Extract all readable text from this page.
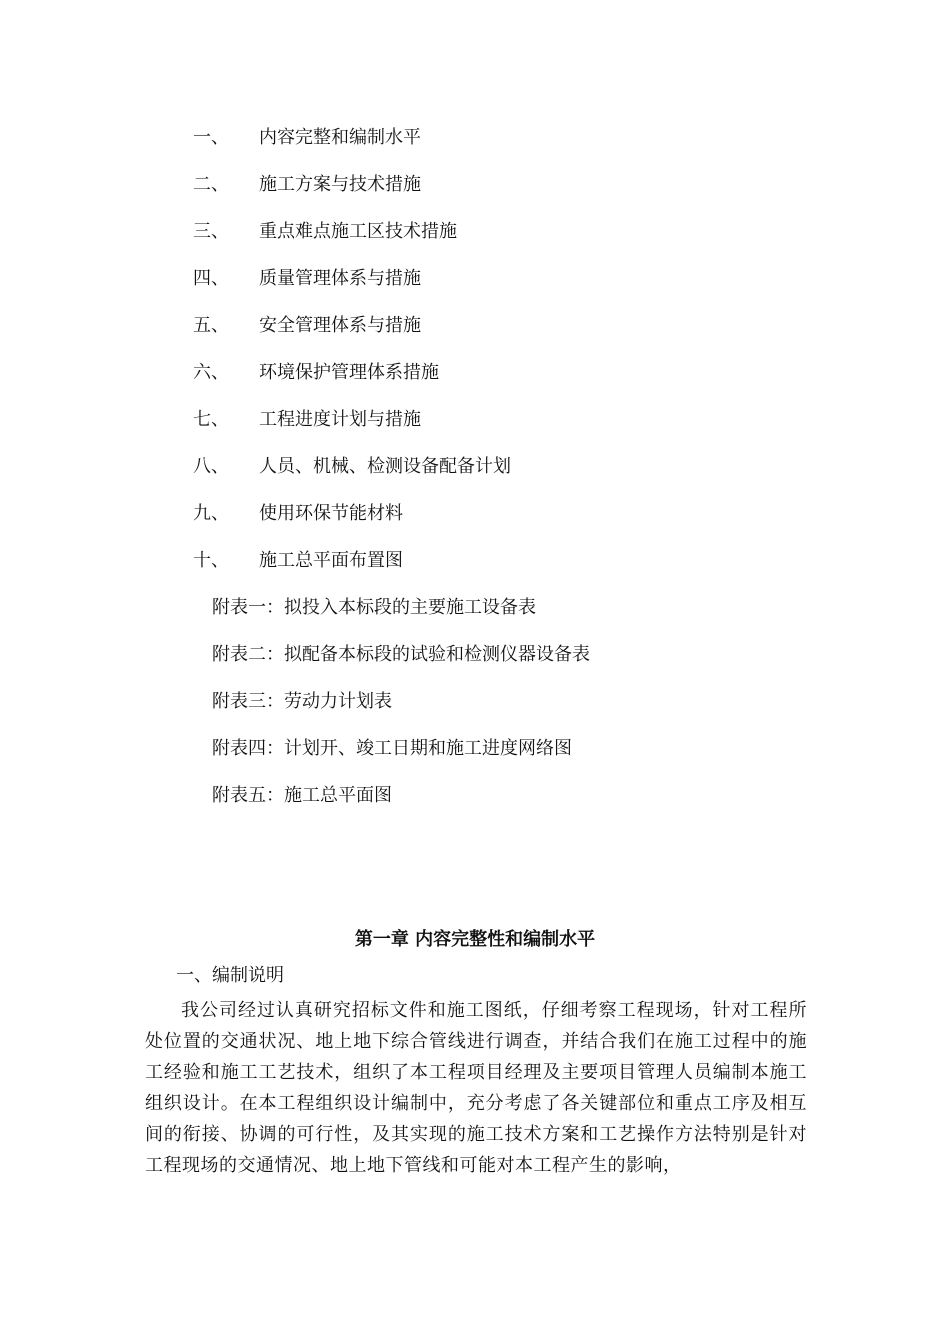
一、 内容完整和编制水平
二、 施工方案与技术措施
三、 重点难点施工区技术措施
四、 质量管理体系与措施
五、 安全管理体系与措施
六、 环境保护管理体系措施
七、 工程进度计划与措施
八、 人员、机械、检测设备配备计划
九、 使用环保节能材料
十、 施工总平面布置图
附表一：拟投入本标段的主要施工设备表
附表二：拟配备本标段的试验和检测仪器设备表
附表三：劳动力计划表
附表四：计划开、竣工日期和施工进度网络图
附表五：施工总平面图
第一章 内容完整性和编制水平
一、编制说明
我公司经过认真研究招标文件和施工图纸，仔细考察工程现场，针对工程所处位置的交通状况、地上地下综合管线进行调查，并结合我们在施工过程中的施工经验和施工工艺技术，组织了本工程项目经理及主要项目管理人员编制本施工组织设计。在本工程组织设计编制中，充分考虑了各关键部位和重点工序及相互间的衔接、协调的可行性，及其实现的施工技术方案和工艺操作方法特别是针对工程现场的交通情况、地上地下管线和可能对本工程产生的影响，
